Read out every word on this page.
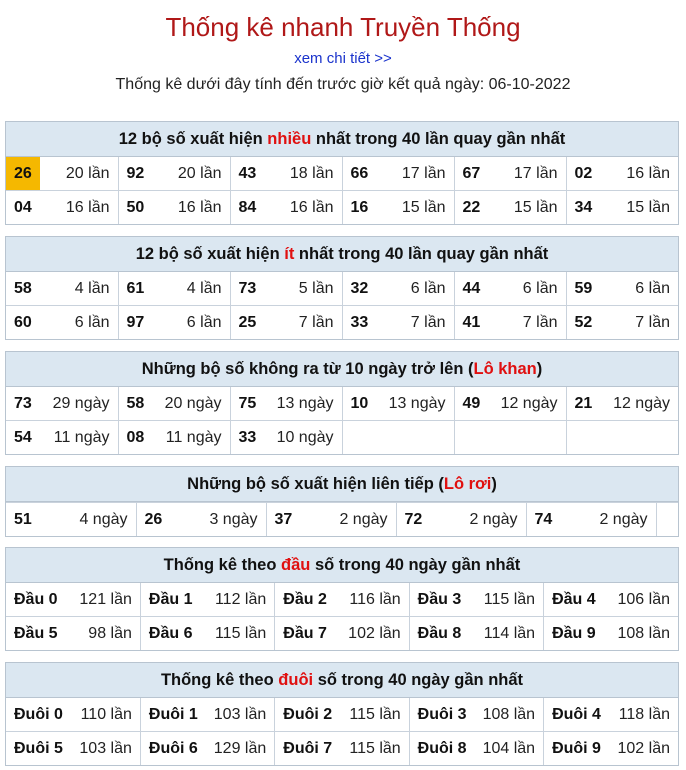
Thống kê nhanh Truyền Thống
xem chi tiết >>
Thống kê dưới đây tính đến trước giờ kết quả ngày: 06-10-2022
12 bộ số xuất hiện nhiều nhất trong 40 lần quay gần nhất
26 20 lần	92 20 lần	43 18 lần	66 17 lần	67 17 lần	02 16 lần

04 16 lần	50 16 lần	84 16 lần	16 15 lần	22 15 lần	34 15 lần
12 bộ số xuất hiện ít nhất trong 40 lần quay gần nhất
58 4 lần	61 4 lần	73 5 lần	32 6 lần	44 6 lần	59 6 lần

60 6 lần	97 6 lần	25 7 lần	33 7 lần	41 7 lần	52 7 lần
Những bộ số không ra từ 10 ngày trở lên (Lô khan)
73 29 ngày	58 20 ngày	75 13 ngày	10 13 ngày	49 12 ngày	21 12 ngày

54 11 ngày	08 11 ngày	33 10 ngày			

Những bộ số xuất hiện liên tiếp (Lô rơi)
51	4 ngày	26	3 ngày	37	2 ngày	72	2 ngày	74	2 ngày

Thống kê theo đầu số trong 40 ngày gần nhất
Đầu 0 121 lần	Đầu 1 112 lần	Đầu 2 116 lần	Đầu 3 115 lần	Đầu 4 106 lần

Đầu 5 98 lần	Đầu 6 115 lần	Đầu 7 102 lần	Đầu 8 114 lần	Đầu 9 108 lần
Thống kê theo đuôi số trong 40 ngày gần nhất
Đuôi 0 110 lần	Đuôi 1 103 lần	Đuôi 2 115 lần	Đuôi 3 108 lần	Đuôi 4 118 lần

Đuôi 5 103 lần	Đuôi 6 129 lần	Đuôi 7 115 lần	Đuôi 8 104 lần	Đuôi 9 102 lần
